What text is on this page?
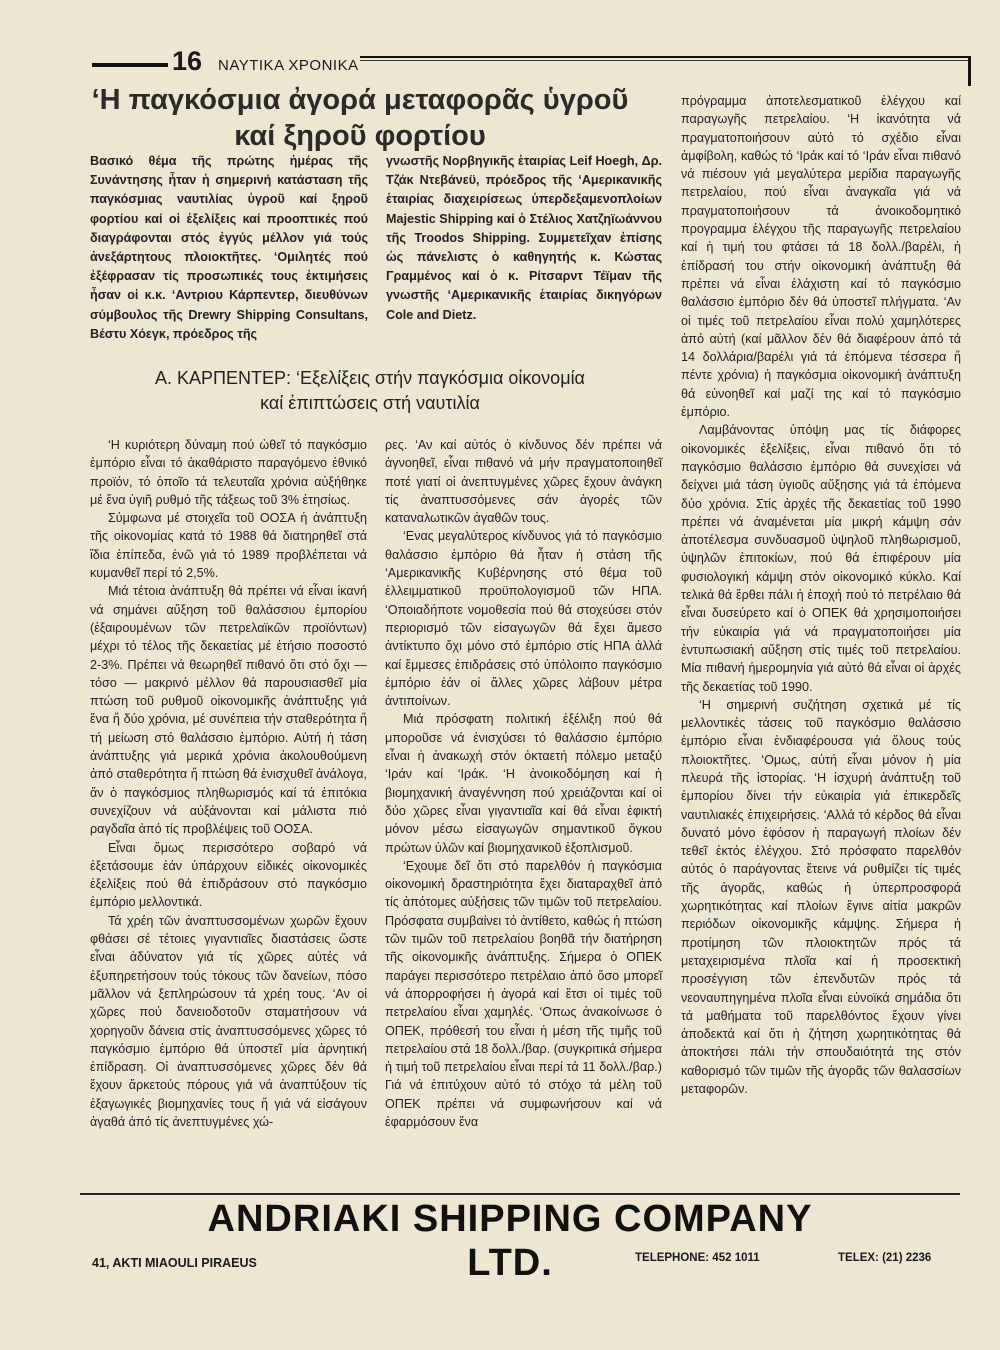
16 ΝΑΥΤΙΚΑ ΧΡΟΝΙΚΑ
‘Η παγκόσμια ἀγορά μεταφορᾶς ὑγροῦ
καί ξηροῦ φορτίου
Βασικό θέμα τῆς πρώτης ἡμέρας τῆς Συνάντησης ἦταν ἡ σημερινή κατάσταση τῆς παγκόσμιας ναυτιλίας ὑγροῦ καί ξηροῦ φορτίου καί οἱ ἐξελίξεις καί προοπτικές πού διαγράφονται στός ἐγγύς μέλλον γιά τούς ἀνεξάρτητους πλοιοκτῆτες. ‘Ομιλητές πού ἐξέφρασαν τίς προσωπικές τους ἐκτιμήσεις ἦσαν οἱ κ.κ. ‘Αντριου Κάρπεντερ, διευθύνων σύμβουλος τῆς Drewry Shipping Consultans, Βέστυ Χόεγκ, πρόεδρος τῆς
γνωστῆς Νορβηγικῆς ἑταιρίας Leif Hoegh, Δρ. Τζάκ Ντεβάνεϋ, πρόεδρος τῆς ‘Αμερικανικῆς ἑταιρίας διαχειρίσεως ὑπερδεξαμενοπλοίων Majestic Shipping καί ὁ Στέλιος Χατζηϊωάννου τῆς Troodos Shipping. Συμμετεῖχαν ἐπίσης ὡς πάνελιστς ὁ καθηγητής κ. Κώστας Γραμμένος καί ὁ κ. Ρίτσαρντ Τέϊμαν τῆς γνωστῆς ‘Αμερικανικῆς ἑταιρίας δικηγόρων Cole and Dietz.
Α. ΚΑΡΠΕΝΤΕΡ: ‘Εξελίξεις στήν παγκόσμια οἰκονομία
καί ἐπιπτώσεις στή ναυτιλία

‘Η κυριότερη δύναμη πού ὠθεῖ τό παγκόσμιο ἐμπόριο εἶναι τό ἀκαθάριστο παραγόμενο ἐθνικό προϊόν, τό ὁποῖο τά τελευταῖα χρόνια αὐξήθηκε μέ ἕνα ὑγιῆ ρυθμό τῆς τάξεως τοῦ 3% ἐτησίως.

Σύμφωνα μέ στοιχεῖα τοῦ ΟΟΣΑ ἡ ἀνάπτυξη τῆς οἰκονομίας κατά τό 1988 θά διατηρηθεῖ στά ἴδια ἐπίπεδα, ἐνῶ γιά τό 1989 προβλέπεται νά κυμανθεῖ περί τό 2,5%.

Μιά τέτοια ἀνάπτυξη θά πρέπει νά εἶναι ἱκανή νά σημάνει αὔξηση τοῦ θαλάσσιου ἐμπορίου (ἐξαιρουμένων τῶν πετρελαϊκῶν προϊόντων) μέχρι τό τέλος τῆς δεκαετίας μέ ἐτήσιο ποσοστό 2-3%. Πρέπει νά θεωρηθεῖ πιθανό ὅτι στό ὄχι — τόσο — μακρινό μέλλον θά παρουσιασθεῖ μία πτώση τοῦ ρυθμοῦ οἰκονομικῆς ἀνάπτυξης γιά ἕνα ἤ δύο χρόνια, μέ συνέπεια τήν σταθερότητα ἤ τή μείωση στό θαλάσσιο ἐμπόριο. Αὐτή ἡ τάση ἀνάπτυξης γιά μερικά χρόνια ἀκολουθούμενη ἀπό σταθερότητα ἤ πτώση θά ἐνισχυθεῖ ἀνάλογα, ἄν ὁ παγκόσμιος πληθωρισμός καί τά ἐπιτόκια συνεχίζουν νά αὐξάνονται καί μάλιστα πιό ραγδαῖα ἀπό τίς προβλέψεις τοῦ ΟΟΣΑ.

Εἶναι ὅμως περισσότερο σοβαρό νά ἐξετάσουμε ἐάν ὑπάρχουν εἰδικές οἰκονομικές ἐξελίξεις πού θά ἐπιδράσουν στό παγκόσμιο ἐμπόριο μελλοντικά.

Τά χρέη τῶν ἀναπτυσσομένων χωρῶν ἔχουν φθάσει σέ τέτοιες γιγαντιαῖες διαστάσεις ὥστε εἶναι ἀδύνατον γιά τίς χῶρες αὐτές νά ἐξυπηρετήσουν τούς τόκους τῶν δανείων, πόσο μᾶλλον νά ξεπληρώσουν τά χρέη τους. ‘Αν οἱ χῶρες πού δανειοδοτοῦν σταματήσουν νά χορηγοῦν δάνεια στίς ἀναπτυσσόμενες χῶρες τό παγκόσμιο ἐμπόριο θά ὑποστεῖ μία ἀρνητική ἐπίδραση. Οἱ ἀναπτυσσόμενες χῶρες δέν θά ἔχουν ἄρκετούς πόρους γιά νά ἀναπτύξουν τίς ἐξαγωγικές βιομηχανίες τους ἤ γιά νά εἰσάγουν ἀγαθά ἀπό τίς ἀνεπτυγμένες χώ-

ρες. ‘Αν καί αὐτός ὁ κίνδυνος δέν πρέπει νά ἀγνοηθεῖ, εἶναι πιθανό νά μήν πραγματοποιηθεῖ ποτέ γιατί οἱ ἀνεπτυγμένες χῶρες ἔχουν ἀνάγκη τίς ἀναπτυσσόμενες σάν ἀγορές τῶν καταναλωτικῶν ἀγαθῶν τους.

‘Ενας μεγαλύτερος κίνδυνος γιά τό παγκόσμιο θαλάσσιο ἐμπόριο θά ἦταν ἡ στάση τῆς ‘Αμερικανικῆς Κυβέρνησης στό θέμα τοῦ ἐλλειμματικοῦ προϋπολογισμοῦ τῶν ΗΠΑ. ‘Οποιαδήποτε νομοθεσία πού θά στοχεύσει στόν περιορισμό τῶν εἰσαγωγῶν θά ἔχει ἄμεσο ἀντίκτυπο ὄχι μόνο στό ἐμπόριο στίς ΗΠΑ ἀλλά καί ἔμμεσες ἐπιδράσεις στό ὑπόλοιπο παγκόσμιο ἐμπόριο ἐάν οἱ ἄλλες χῶρες λάβουν μέτρα ἀντιποίνων.

Μιά πρόσφατη πολιτική ἐξέλιξη πού θά μποροῦσε νά ἐνισχύσει τό θαλάσσιο ἐμπόριο εἶναι ἡ ἀνακωχή στόν ὀκταετή πόλεμο μεταξύ ‘Ιράν καί ‘Ιράκ. ‘Η ἀνοικοδόμηση καί ἡ βιομηχανική ἀναγέννηση πού χρειάζονται καί οἱ δύο χῶρες εἶναι γιγαντιαῖα καί θά εἶναι ἐφικτή μόνον μέσω εἰσαγωγῶν σημαντικοῦ ὄγκου πρώτων ὑλῶν καί βιομηχανικοῦ ἐξοπλισμοῦ.

‘Εχουμε δεῖ ὅτι στό παρελθόν ἡ παγκόσμια οἰκονομική δραστηριότητα ἔχει διαταραχθεῖ ἀπό τίς ἀπότομες αὐξήσεις τῶν τιμῶν τοῦ πετρελαίου. Πρόσφατα συμβαίνει τό ἀντίθετο, καθώς ἡ πτώση τῶν τιμῶν τοῦ πετρελαίου βοηθᾶ τήν διατήρηση τῆς οἰκονομικῆς ἀνάπτυξης. Σήμερα ὁ ΟΠΕΚ παράγει περισσότερο πετρέλαιο ἀπό ὅσο μπορεῖ νά ἀπορροφήσει ἡ ἀγορά καί ἔτσι οἱ τιμές τοῦ πετρελαίου εἶναι χαμηλές. ‘Οπως ἀνακοίνωσε ὁ ΟΠΕΚ, πρόθεσή του εἶναι ἡ μέση τῆς τιμῆς τοῦ πετρελαίου στά 18 δολλ./βαρ. (συγκριτικά σήμερα ἡ τιμή τοῦ πετρελαίου εἶναι περί τά 11 δολλ./βαρ.) Γιά νά ἐπιτύχουν αὐτό τό στόχο τά μέλη τοῦ ΟΠΕΚ πρέπει νά συμφωνήσουν καί νά ἐφαρμόσουν ἕνα

πρόγραμμα ἀποτελεσματικοῦ ἐλέγχου καί παραγωγῆς πετρελαίου. ‘Η ἱκανότητα νά πραγματοποιήσουν αὐτό τό σχέδιο εἶναι ἀμφίβολη, καθώς τό ‘Ιράκ καί τό ‘Ιράν εἶναι πιθανό νά πιέσουν γιά μεγαλύτερα μερίδια παραγωγῆς πετρελαίου, πού εἶναι ἀναγκαῖα γιά νά πραγματοποιήσουν τά ἀνοικοδομητικό προγραμμα ἐλέγχου τῆς παραγωγῆς πετρελαίου καί ἡ τιμή του φτάσει τά 18 δολλ./βαρέλι, ἡ ἐπίδρασή του στήν οἰκονομική ἀνάπτυξη θά πρέπει νά εἶναι ἐλάχιστη καί τό παγκόσμιο θαλάσσιο ἐμπόριο δέν θά ὑποστεῖ πλήγματα. ‘Αν οἱ τιμές τοῦ πετρελαίου εἶναι πολύ χαμηλότερες ἀπό αὐτή (καί μᾶλλον δέν θά διαφέρουν ἀπό τά 14 δολλάρια/βαρέλι γιά τά ἑπόμενα τέσσερα ἤ πέντε χρόνια) ἡ παγκόσμια οἰκονομική ἀνάπτυξη θά εὐνοηθεῖ καί μαζί της καί τό παγκόσμιο ἐμπόριο.

Λαμβάνοντας ὑπόψη μας τίς διάφορες οἰκονομικές ἐξελίξεις, εἶναι πιθανό ὅτι τό παγκόσμιο θαλάσσιο ἐμπόριο θά συνεχίσει νά δείχνει μιά τάση ὑγιοῦς αὔξησης γιά τά ἑπόμενα δύο χρόνια. Στίς ἀρχές τῆς δεκαετίας τοῦ 1990 πρέπει νά ἀναμένεται μία μικρή κάμψη σάν ἀποτέλεσμα συνδυασμοῦ ὑψηλοῦ πληθωρισμοῦ, ὑψηλῶν ἐπιτοκίων, πού θά ἐπιφέρουν μία φυσιολογική κάμψη στόν οἰκονομικό κύκλο. Καί τελικά θά ἔρθει πάλι ἡ ἐποχή πού τό πετρέλαιο θά εἶναι δυσεύρετο καί ὁ ΟΠΕΚ θά χρησιμοποιήσει τήν εὐκαιρία γιά νά πραγματοποιήσει μία ἐντυπωσιακή αὔξηση στίς τιμές τοῦ πετρελαίου. Μία πιθανή ἡμερομηνία γιά αὐτό θά εἶναι οἱ ἀρχές τῆς δεκαετίας τοῦ 1990.

‘Η σημερινή συζήτηση σχετικά μέ τίς μελλοντικές τάσεις τοῦ παγκόσμιο θαλάσσιο ἐμπόριο εἶναι ἐνδιαφέρουσα γιά ὅλους τούς πλοιοκτῆτες. ‘Ομως, αὐτή εἶναι μόνον ἡ μία πλευρά τῆς ἱστορίας. ‘Η ἰσχυρή ἀνάπτυξη τοῦ ἐμπορίου δίνει τήν εὐκαιρία γιά ἐπικερδεῖς ναυτιλιακές ἐπιχειρήσεις. ‘Αλλά τό κέρδος θά εἶναι δυνατό μόνο ἐφόσον ἡ παραγωγή πλοίων δέν τεθεῖ ἐκτός ἐλέγχου. Στό πρόσφατο παρελθόν αὐτός ὁ παράγοντας ἔτεινε νά ρυθμίζει τίς τιμές τῆς ἀγορᾶς, καθώς ἡ ὑπερπροσφορά χωρητικότητας καί πλοίων ἔγινε αἰτία μακρῶν περιόδων οἰκονομικῆς κάμψης. Σήμερα ἡ προτίμηση τῶν πλοιοκτητῶν πρός τά μεταχειρισμένα πλοῖα καί ἡ προσεκτική προσέγγιση τῶν ἐπενδυτῶν πρός τά νεοναυπηγημένα πλοῖα εἶναι εὐνοϊκά σημάδια ὅτι τά μαθήματα τοῦ παρελθόντος ἔχουν γίνει ἀποδεκτά καί ὅτι ἡ ζήτηση χωρητικότητας θά ἀποκτήσει πάλι τήν σπουδαιότητά της στόν καθορισμό τῶν τιμῶν τῆς ἀγορᾶς τῶν θαλασσίων μεταφορῶν.

ANDRIAKI SHIPPING COMPANY LTD.
41, AKTI MIAOULI PIRAEUS	TELEPHONE: 452 1011	TELEX: (21) 2236
